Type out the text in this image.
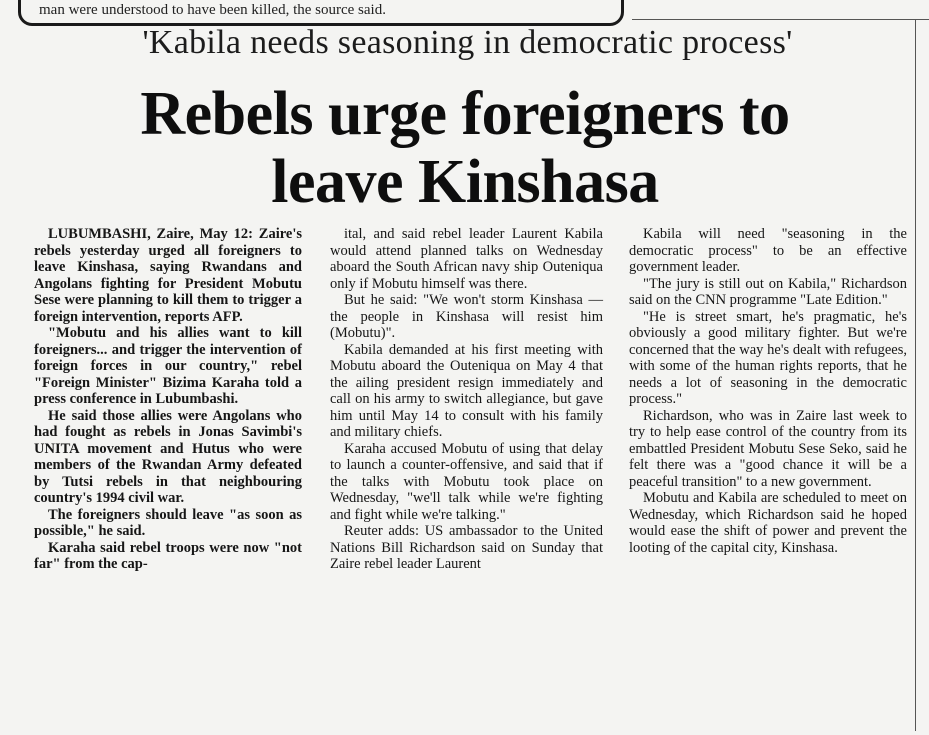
man were understood to have been killed, the source said.
'Kabila needs seasoning in democratic process'
Rebels urge foreigners to
leave Kinshasa

LUBUMBASHI, Zaire, May 12: Zaire's rebels yesterday urged all foreigners to leave Kinshasa, saying Rwandans and Angolans fighting for President Mobutu Sese were planning to kill them to trigger a foreign intervention, reports AFP.

"Mobutu and his allies want to kill foreigners... and trigger the intervention of foreign forces in our country," rebel "Foreign Minister" Bizima Karaha told a press conference in Lubumbashi.

He said those allies were Angolans who had fought as rebels in Jonas Savimbi's UNITA movement and Hutus who were members of the Rwandan Army defeated by Tutsi rebels in that neighbouring country's 1994 civil war.

The foreigners should leave "as soon as possible," he said.

Karaha said rebel troops were now "not far" from the cap-

ital, and said rebel leader Laurent Kabila would attend planned talks on Wednesday aboard the South African navy ship Outeniqua only if Mobutu himself was there.

But he said: "We won't storm Kinshasa — the people in Kinshasa will resist him (Mobutu)".

Kabila demanded at his first meeting with Mobutu aboard the Outeniqua on May 4 that the ailing president resign immediately and call on his army to switch allegiance, but gave him until May 14 to consult with his family and military chiefs.

Karaha accused Mobutu of using that delay to launch a counter-offensive, and said that if the talks with Mobutu took place on Wednesday, "we'll talk while we're fighting and fight while we're talking."

Reuter adds: US ambassador to the United Nations Bill Richardson said on Sunday that Zaire rebel leader Laurent

Kabila will need "seasoning in the democratic process" to be an effective government leader.

"The jury is still out on Kabila," Richardson said on the CNN programme "Late Edition."

"He is street smart, he's pragmatic, he's obviously a good military fighter. But we're concerned that the way he's dealt with refugees, with some of the human rights reports, that he needs a lot of seasoning in the democratic process."

Richardson, who was in Zaire last week to try to help ease control of the country from its embattled President Mobutu Sese Seko, said he felt there was a "good chance it will be a peaceful transition" to a new government.

Mobutu and Kabila are scheduled to meet on Wednesday, which Richardson said he hoped would ease the shift of power and prevent the looting of the capital city, Kinshasa.
